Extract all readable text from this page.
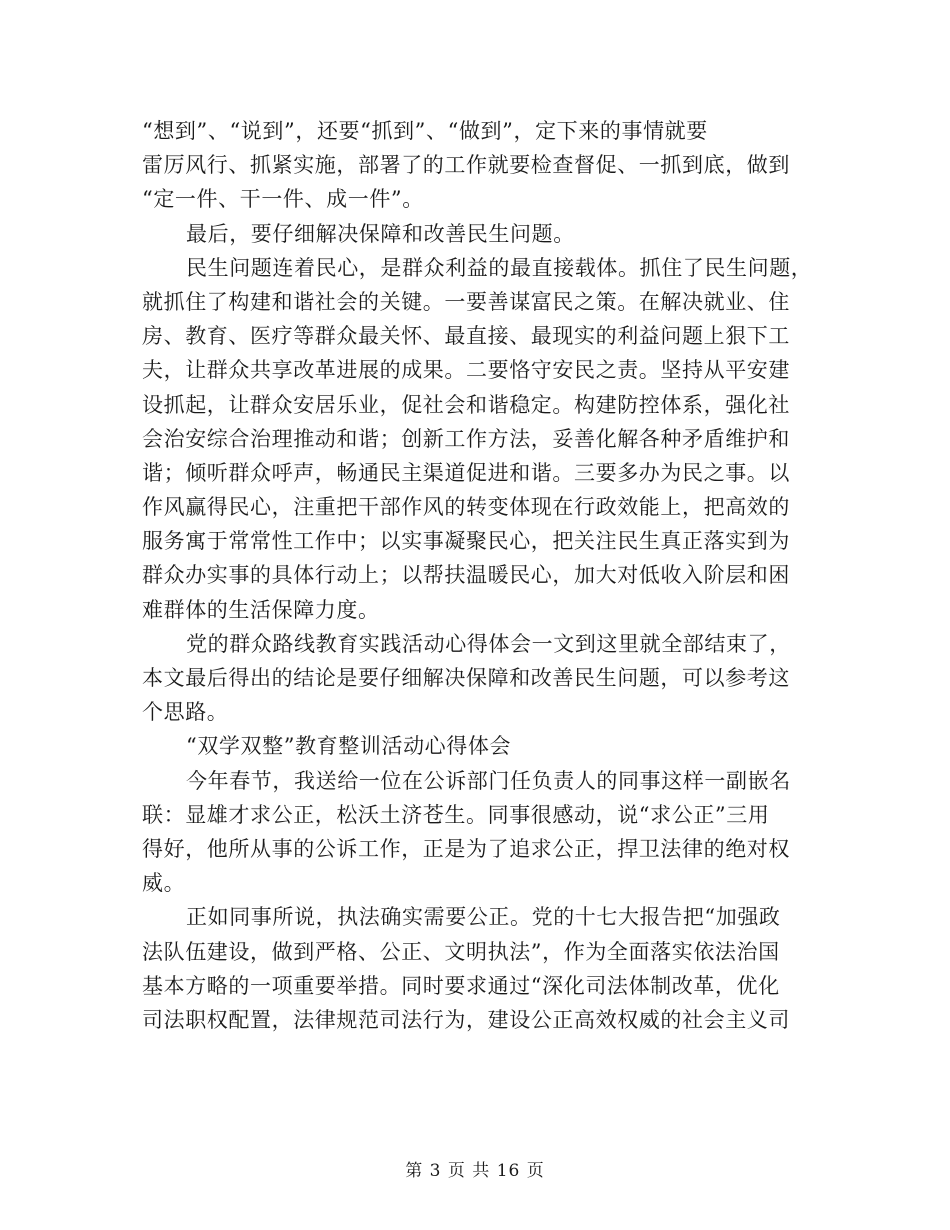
“想到”、“说到”，还要“抓到”、“做到”，定下来的事情就要
雷厉风行、抓紧实施，部署了的工作就要检查督促、一抓到底，做到
“定一件、干一件、成一件”。
最后，要仔细解决保障和改善民生问题。
民生问题连着民心，是群众利益的最直接载体。抓住了民生问题，
就抓住了构建和谐社会的关键。一要善谋富民之策。在解决就业、住
房、教育、医疗等群众最关怀、最直接、最现实的利益问题上狠下工
夫，让群众共享改革进展的成果。二要恪守安民之责。坚持从平安建
设抓起，让群众安居乐业，促社会和谐稳定。构建防控体系，强化社
会治安综合治理推动和谐；创新工作方法，妥善化解各种矛盾维护和
谐；倾听群众呼声，畅通民主渠道促进和谐。三要多办为民之事。以
作风赢得民心，注重把干部作风的转变体现在行政效能上，把高效的
服务寓于常常性工作中；以实事凝聚民心，把关注民生真正落实到为
群众办实事的具体行动上；以帮扶温暖民心，加大对低收入阶层和困
难群体的生活保障力度。
党的群众路线教育实践活动心得体会一文到这里就全部结束了，
本文最后得出的结论是要仔细解决保障和改善民生问题，可以参考这
个思路。
“双学双整”教育整训活动心得体会
今年春节，我送给一位在公诉部门任负责人的同事这样一副嵌名
联：显雄才求公正，松沃土济苍生。同事很感动，说“求公正”三用
得好，他所从事的公诉工作，正是为了追求公正，捍卫法律的绝对权
威。
正如同事所说，执法确实需要公正。党的十七大报告把“加强政
法队伍建设，做到严格、公正、文明执法”，作为全面落实依法治国
基本方略的一项重要举措。同时要求通过“深化司法体制改革，优化
司法职权配置，法律规范司法行为，建设公正高效权威的社会主义司
第 3 页 共 16 页
